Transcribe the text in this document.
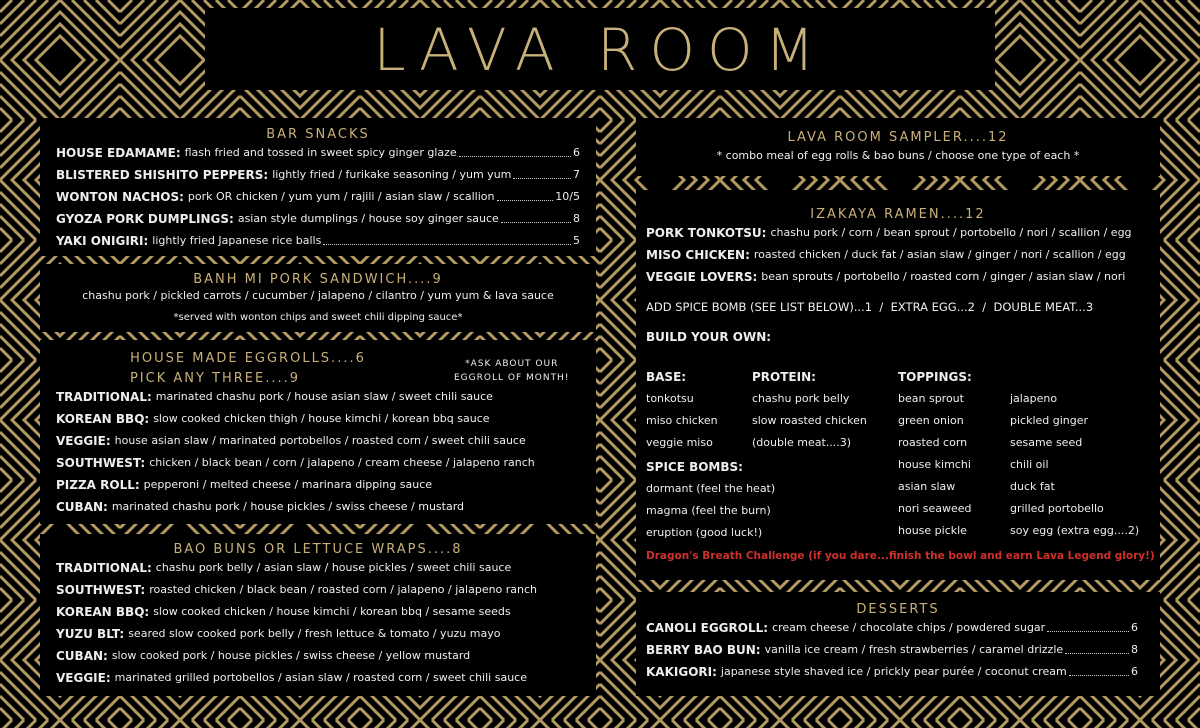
LAVA ROOM
BAR SNACKS
HOUSE EDAMAME: flash fried and tossed in sweet spicy ginger glaze	6
BLISTERED SHISHITO PEPPERS: lightly fried / furikake seasoning / yum yum	7
WONTON NACHOS: pork OR chicken / yum yum / rajili / asian slaw / scallion	10/5
GYOZA PORK DUMPLINGS: asian style dumplings / house soy ginger sauce	8
YAKI ONIGIRI: lightly fried Japanese rice balls	5
BANH MI PORK SANDWICH....9
chashu pork / pickled carrots / cucumber / jalapeno / cilantro / yum yum & lava sauce
*served with wonton chips and sweet chili dipping sauce*
HOUSE MADE EGGROLLS....6
PICK ANY THREE....9
*ASK ABOUT OUR
EGGROLL OF MONTH!
TRADITIONAL: marinated chashu pork / house asian slaw / sweet chili sauce
KOREAN BBQ: slow cooked chicken thigh / house kimchi / korean bbq sauce
VEGGIE: house asian slaw / marinated portobellos / roasted corn / sweet chili sauce
SOUTHWEST: chicken / black bean / corn / jalapeno / cream cheese / jalapeno ranch
PIZZA ROLL: pepperoni / melted cheese / marinara dipping sauce
CUBAN: marinated chashu pork / house pickles / swiss cheese / mustard
BAO BUNS OR LETTUCE WRAPS....8
TRADITIONAL: chashu pork belly / asian slaw / house pickles / sweet chili sauce
SOUTHWEST: roasted chicken / black bean / roasted corn / jalapeno / jalapeno ranch
KOREAN BBQ: slow cooked chicken / house kimchi / korean bbq / sesame seeds
YUZU BLT: seared slow cooked pork belly / fresh lettuce & tomato / yuzu mayo
CUBAN: slow cooked pork / house pickles / swiss cheese / yellow mustard
VEGGIE: marinated grilled portobellos / asian slaw / roasted corn / sweet chili sauce
LAVA ROOM SAMPLER....12
* combo meal of egg rolls & bao buns / choose one type of each *
IZAKAYA RAMEN....12
PORK TONKOTSU: chashu pork / corn / bean sprout / portobello / nori / scallion / egg
MISO CHICKEN: roasted chicken / duck fat / asian slaw / ginger / nori / scallion / egg
VEGGIE LOVERS: bean sprouts / portobello / roasted corn / ginger / asian slaw / nori
ADD SPICE BOMB (SEE LIST BELOW)...1  /  EXTRA EGG...2  /  DOUBLE MEAT...3
BUILD YOUR OWN:
BASE:
tonkotsu
miso chicken
veggie miso
SPICE BOMBS:
dormant (feel the heat)
magma (feel the burn)
eruption (good luck!)
PROTEIN:
chashu pork belly
slow roasted chicken
(double meat....3)
TOPPINGS:
bean sprout
green onion
roasted corn
house kimchi
asian slaw
nori seaweed
house pickle
jalapeno
pickled ginger
sesame seed
chili oil
duck fat
grilled portobello
soy egg (extra egg....2)
Dragon's Breath Challenge (if you dare...finish the bowl and earn Lava Legend glory!)
DESSERTS
CANOLI EGGROLL: cream cheese / chocolate chips / powdered sugar	6
BERRY BAO BUN: vanilla ice cream / fresh strawberries / caramel drizzle	8
KAKIGORI: japanese style shaved ice / prickly pear purée / coconut cream	6
